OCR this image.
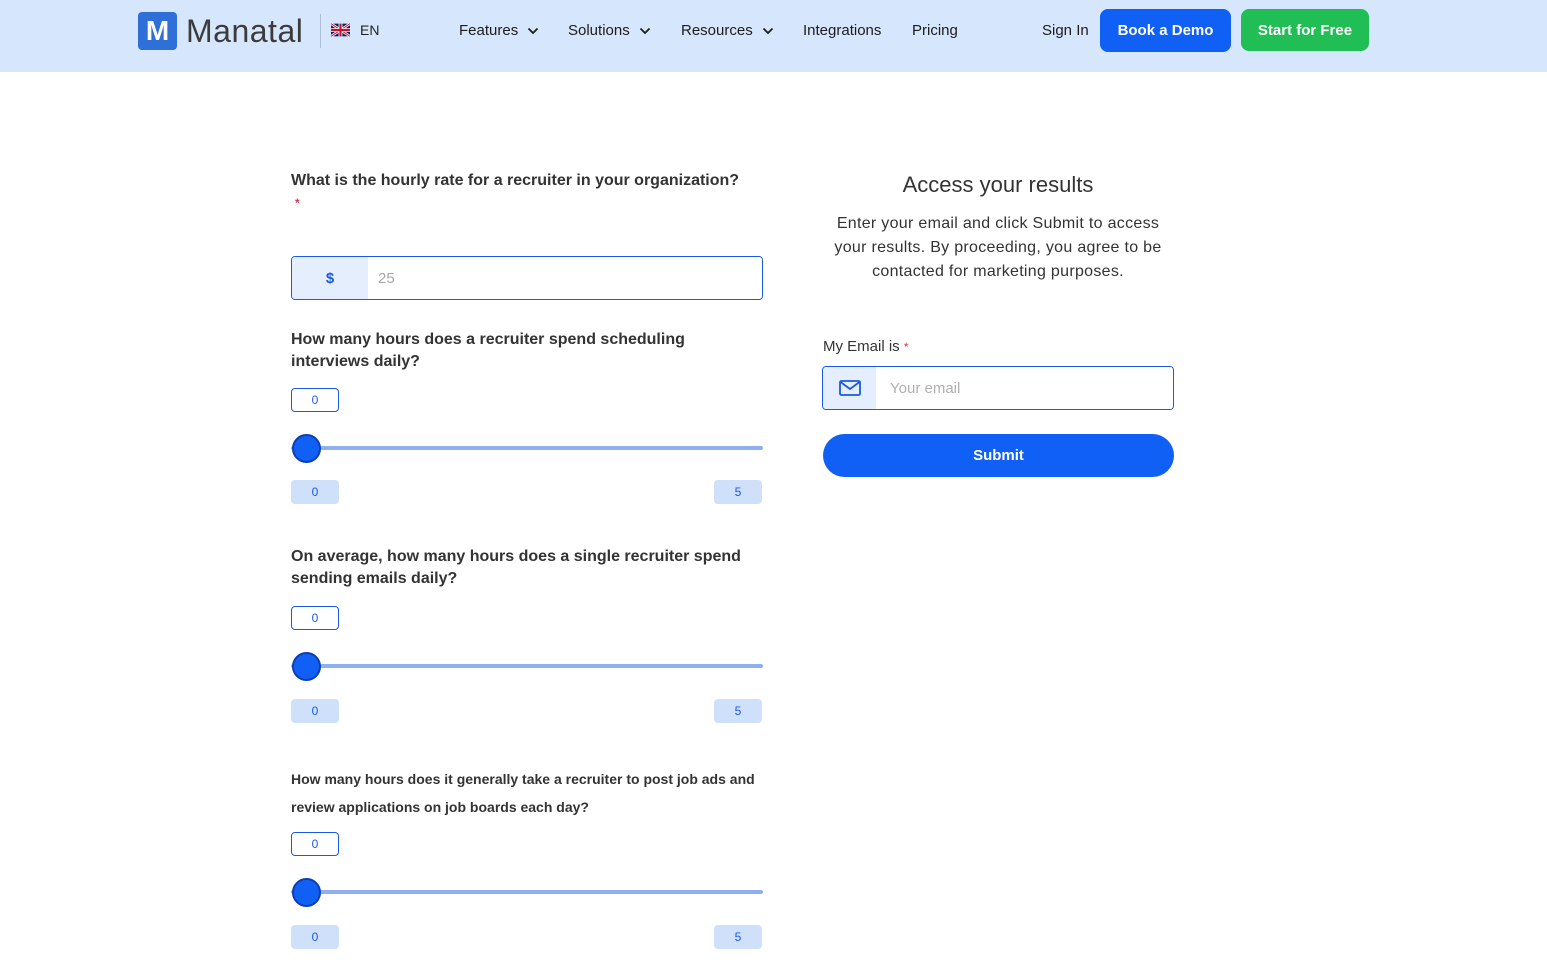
M Manatal	EN	Features	Solutions	Resources	Integrations Pricing	Sign In	Book a Demo	Start for Free
What is the hourly rate for a recruiter in your organization?
*
$
25
How many hours does a recruiter spend scheduling interviews daily?
0
0	5
On average, how many hours does a single recruiter spend sending emails daily?
0
0	5
How many hours does it generally take a recruiter to post job ads and review applications on job boards each day?
0
0	5
Access your results
Enter your email and click Submit to access your results. By proceeding, you agree to be contacted for marketing purposes.
My Email is *
Your email
Submit
